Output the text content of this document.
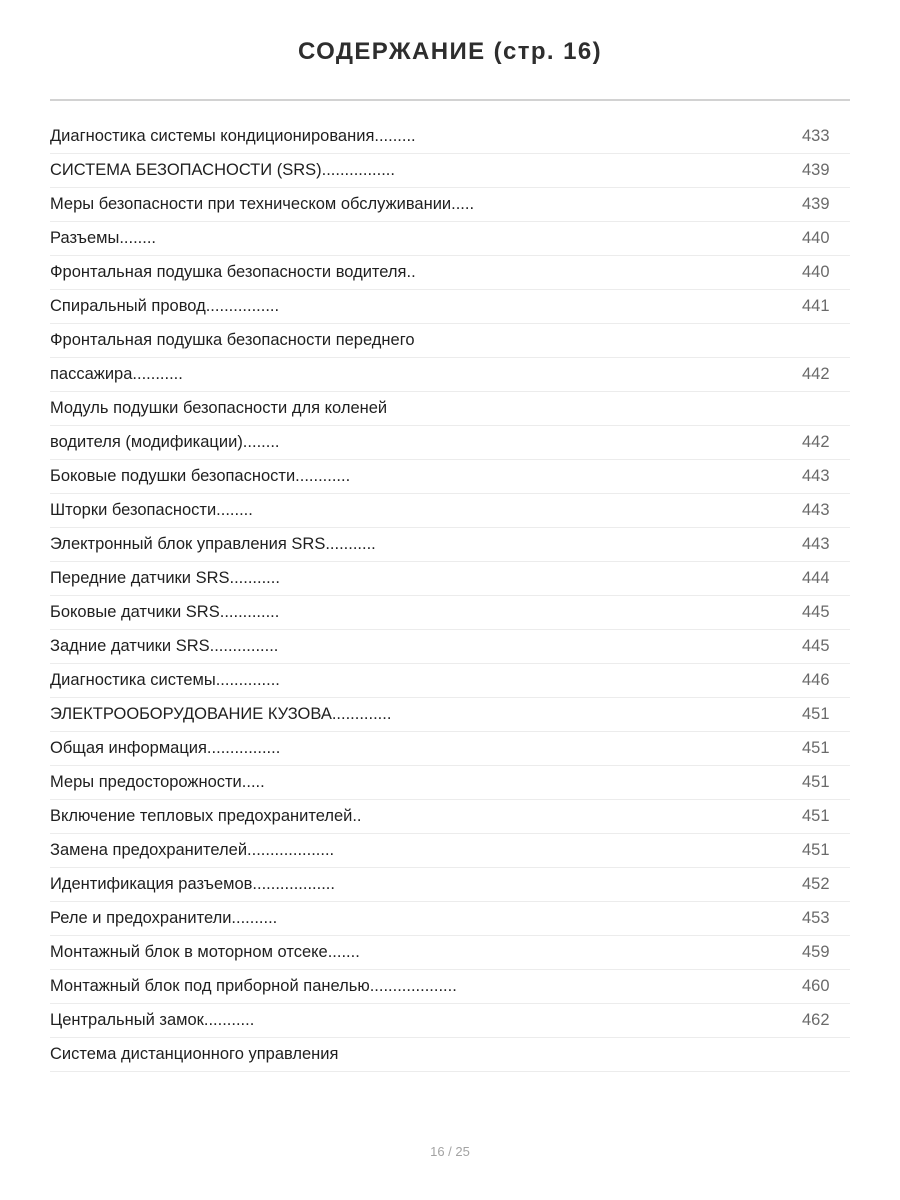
СОДЕРЖАНИЕ (стр. 16)
Диагностика системы кондиционирования.........	433
СИСТЕМА БЕЗОПАСНОСТИ (SRS)................	439
Меры безопасности при техническом обслуживании.....	439
Разъемы........	440
Фронтальная подушка безопасности водителя..	440
Спиральный провод................	441
Фронтальная подушка безопасности переднего
пассажира...........	442
Модуль подушки безопасности для коленей
водителя (модификации)........	442
Боковые подушки безопасности............	443
Шторки безопасности........	443
Электронный блок управления SRS...........	443
Передние датчики SRS...........	444
Боковые датчики SRS.............	445
Задние датчики SRS...............	445
Диагностика системы..............	446
ЭЛЕКТРООБОРУДОВАНИЕ КУЗОВА.............	451
Общая информация................	451
Меры предосторожности.....	451
Включение тепловых предохранителей..	451
Замена предохранителей...................	451
Идентификация разъемов..................	452
Реле и предохранители..........	453
Монтажный блок в моторном отсеке.......	459
Монтажный блок под приборной панелью...................	460
Центральный замок...........	462
Система дистанционного управления
16 / 25
